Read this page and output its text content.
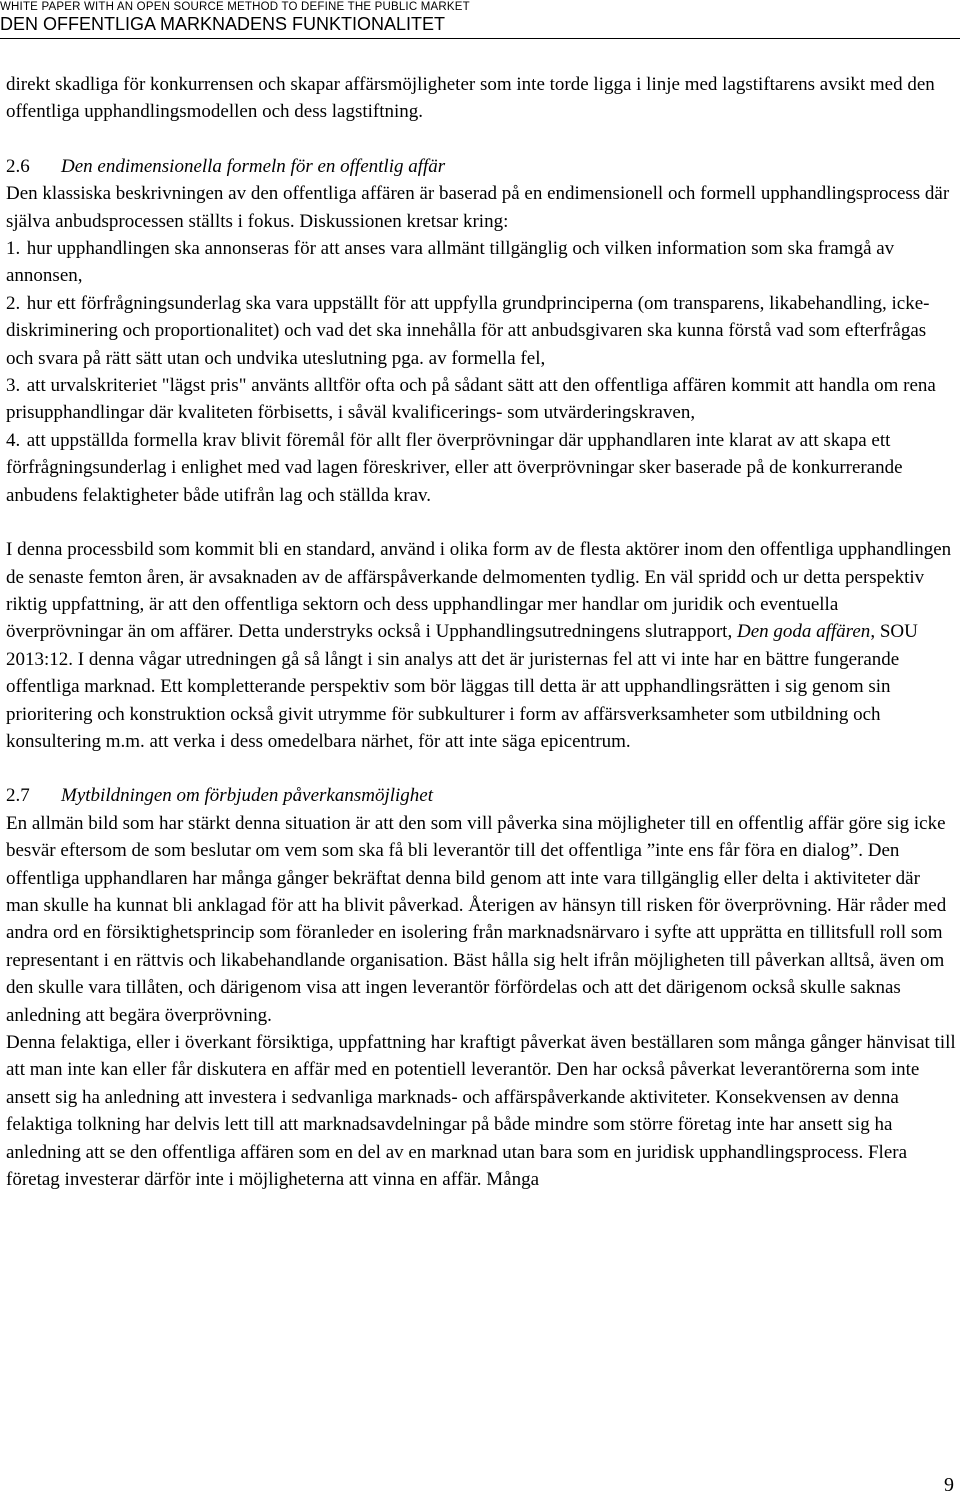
WHITE PAPER WITH AN OPEN SOURCE METHOD TO DEFINE THE PUBLIC MARKET

DEN OFFENTLIGA MARKNADENS FUNKTIONALITET

direkt skadliga för konkurrensen och skapar affärsmöjligheter som inte torde ligga i linje med lagstiftarens avsikt med den offentliga upphandlingsmodellen och dess lagstiftning.

2.6 Den endimensionella formeln för en offentlig affär

Den klassiska beskrivningen av den offentliga affären är baserad på en endimensionell och formell upphandlingsprocess där själva anbudsprocessen ställts i fokus. Diskussionen kretsar kring:

1. hur upphandlingen ska annonseras för att anses vara allmänt tillgänglig och vilken information som ska framgå av annonsen,

2. hur ett förfrågningsunderlag ska vara uppställt för att uppfylla grundprinciperna (om transparens, likabehandling, icke-diskriminering och proportionalitet) och vad det ska innehålla för att anbudsgivaren ska kunna förstå vad som efterfrågas och svara på rätt sätt utan och undvika uteslutning pga. av formella fel,

3. att urvalskriteriet "lägst pris" använts alltför ofta och på sådant sätt att den offentliga affären kommit att handla om rena prisupphandlingar där kvaliteten förbisetts, i såväl kvalificerings- som utvärderingskraven,

4. att uppställda formella krav blivit föremål för allt fler överprövningar där upphandlaren inte klarat av att skapa ett förfrågningsunderlag i enlighet med vad lagen föreskriver, eller att överprövningar sker baserade på de konkurrerande anbudens felaktigheter både utifrån lag och ställda krav.

I denna processbild som kommit bli en standard, använd i olika form av de flesta aktörer inom den offentliga upphandlingen de senaste femton åren, är avsaknaden av de affärspåverkande delmomenten tydlig. En väl spridd och ur detta perspektiv riktig uppfattning, är att den offentliga sektorn och dess upphandlingar mer handlar om juridik och eventuella överprövningar än om affärer. Detta understryks också i Upphandlingsutredningens slutrapport, Den goda affären, SOU 2013:12. I denna vågar utredningen gå så långt i sin analys att det är juristernas fel att vi inte har en bättre fungerande offentliga marknad. Ett kompletterande perspektiv som bör läggas till detta är att upphandlingsrätten i sig genom sin prioritering och konstruktion också givit utrymme för subkulturer i form av affärsverksamheter som utbildning och konsultering m.m. att verka i dess omedelbara närhet, för att inte säga epicentrum.

2.7 Mytbildningen om förbjuden påverkansmöjlighet

En allmän bild som har stärkt denna situation är att den som vill påverka sina möjligheter till en offentlig affär göre sig icke besvär eftersom de som beslutar om vem som ska få bli leverantör till det offentliga ”inte ens får föra en dialog”. Den offentliga upphandlaren har många gånger bekräftat denna bild genom att inte vara tillgänglig eller delta i aktiviteter där man skulle ha kunnat bli anklagad för att ha blivit påverkad. Återigen av hänsyn till risken för överprövning. Här råder med andra ord en försiktighetsprincip som föranleder en isolering från marknadsnärvaro i syfte att upprätta en tillitsfull roll som representant i en rättvis och likabehandlande organisation. Bäst hålla sig helt ifrån möjligheten till påverkan alltså, även om den skulle vara tillåten, och därigenom visa att ingen leverantör förfördelas och att det därigenom också skulle saknas anledning att begära överprövning.

Denna felaktiga, eller i överkant försiktiga, uppfattning har kraftigt påverkat även beställaren som många gånger hänvisat till att man inte kan eller får diskutera en affär med en potentiell leverantör. Den har också påverkat leverantörerna som inte ansett sig ha anledning att investera i sedvanliga marknads- och affärspåverkande aktiviteter. Konsekvensen av denna felaktiga tolkning har delvis lett till att marknadsavdelningar på både mindre som större företag inte har ansett sig ha anledning att se den offentliga affären som en del av en marknad utan bara som en juridisk upphandlingsprocess. Flera företag investerar därför inte i möjligheterna att vinna en affär. Många

9
